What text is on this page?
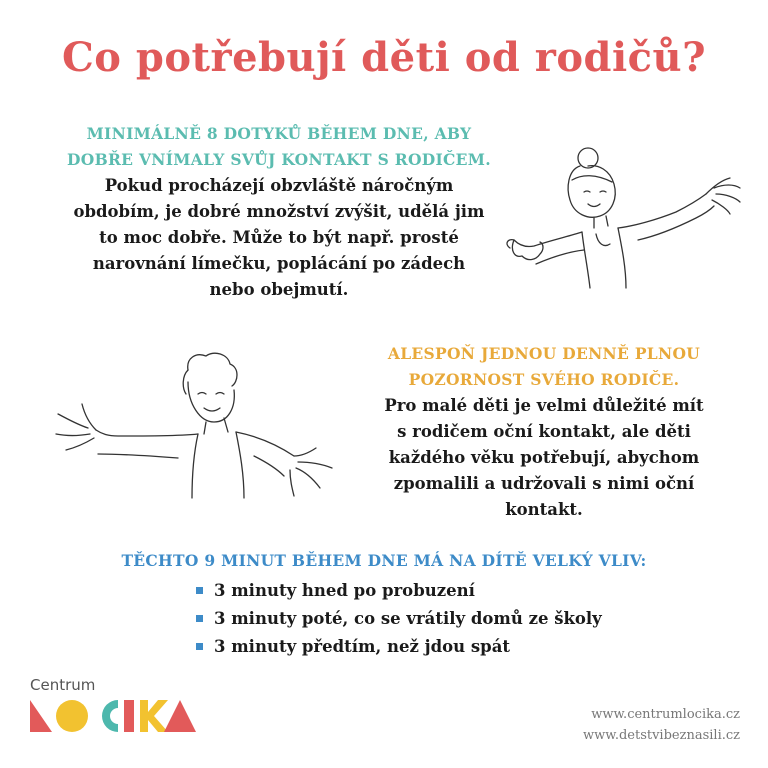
Co potřebují děti od rodičů?
MINIMÁLNĚ 8 DOTYKŮ BĚHEM DNE, ABY
DOBŘE VNÍMALY SVŮJ KONTAKT S RODIČEM.
Pokud procházejí obzvláště náročným
obdobím, je dobré množství zvýšit, udělá jim
to moc dobře. Může to být např. prosté
narovnání límečku, poplácání po zádech
nebo obejmutí.
ALESPOŇ JEDNOU DENNĚ PLNOU
POZORNOST SVÉHO RODIČE.
Pro malé děti je velmi důležité mít
s rodičem oční kontakt, ale děti
každého věku potřebují, abychom
zpomalili a udržovali s nimi oční
kontakt.
TĚCHTO 9 MINUT BĚHEM DNE MÁ NA DÍTĚ VELKÝ VLIV:
3 minuty hned po probuzení
3 minuty poté, co se vrátily domů ze školy
3 minuty předtím, než jdou spát
Centrum
www.centrumlocika.cz
www.detstvibeznasili.cz
